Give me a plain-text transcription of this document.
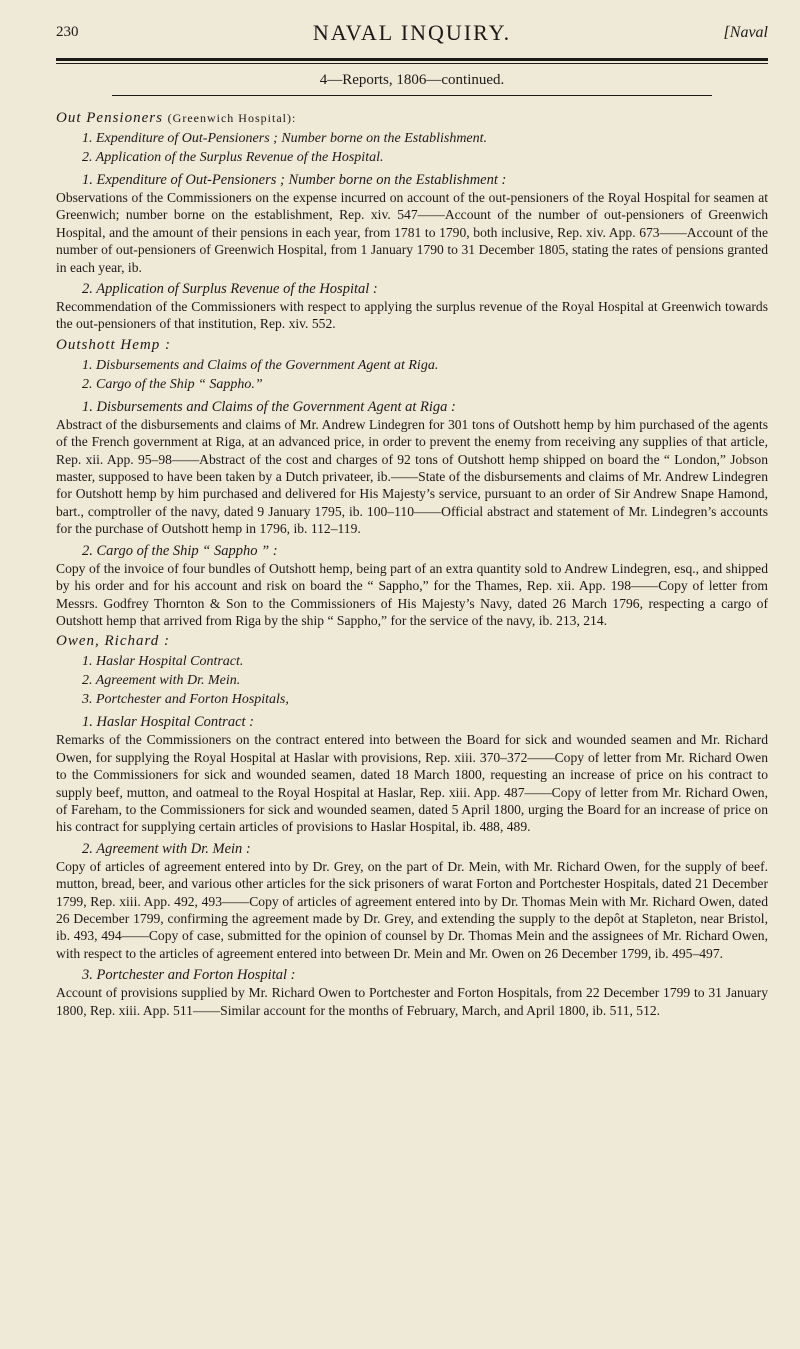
230	NAVAL INQUIRY.	[Naval
4—Reports, 1806—continued.
Out Pensioners (Greenwich Hospital):
1. Expenditure of Out-Pensioners ; Number borne on the Establishment.
2. Application of the Surplus Revenue of the Hospital.
1. Expenditure of Out-Pensioners ; Number borne on the Establishment :

Observations of the Commissioners on the expense incurred on account of the out-pensioners of the Royal Hospital for seamen at Greenwich; number borne on the establishment, Rep. xiv. 547——Account of the number of out-pensioners of Greenwich Hospital, and the amount of their pensions in each year, from 1781 to 1790, both inclusive, Rep. xiv. App. 673——Account of the number of out-pensioners of Greenwich Hospital, from 1 January 1790 to 31 December 1805, stating the rates of pensions granted in each year, ib.

2. Application of Surplus Revenue of the Hospital :

Recommendation of the Commissioners with respect to applying the surplus revenue of the Royal Hospital at Greenwich towards the out-pensioners of that institution, Rep. xiv. 552.

Outshott Hemp :
1. Disbursements and Claims of the Government Agent at Riga.
2. Cargo of the Ship “ Sappho.”
1. Disbursements and Claims of the Government Agent at Riga :

Abstract of the disbursements and claims of Mr. Andrew Lindegren for 301 tons of Outshott hemp by him purchased of the agents of the French government at Riga, at an advanced price, in order to prevent the enemy from receiving any supplies of that article, Rep. xii. App. 95–98——Abstract of the cost and charges of 92 tons of Outshott hemp shipped on board the “ London,” Jobson master, supposed to have been taken by a Dutch privateer, ib.——State of the disbursements and claims of Mr. Andrew Lindegren for Outshott hemp by him purchased and delivered for His Majesty’s service, pursuant to an order of Sir Andrew Snape Hamond, bart., comptroller of the navy, dated 9 January 1795, ib. 100–110——Official abstract and statement of Mr. Lindegren’s accounts for the purchase of Outshott hemp in 1796, ib. 112–119.

2. Cargo of the Ship “ Sappho ” :

Copy of the invoice of four bundles of Outshott hemp, being part of an extra quantity sold to Andrew Lindegren, esq., and shipped by his order and for his account and risk on board the “ Sappho,” for the Thames, Rep. xii. App. 198——Copy of letter from Messrs. Godfrey Thornton & Son to the Commissioners of His Majesty’s Navy, dated 26 March 1796, respecting a cargo of Outshott hemp that arrived from Riga by the ship “ Sappho,” for the service of the navy, ib. 213, 214.

Owen, Richard :
1. Haslar Hospital Contract.
2. Agreement with Dr. Mein.
3. Portchester and Forton Hospitals,
1. Haslar Hospital Contract :

Remarks of the Commissioners on the contract entered into between the Board for sick and wounded seamen and Mr. Richard Owen, for supplying the Royal Hospital at Haslar with provisions, Rep. xiii. 370–372——Copy of letter from Mr. Richard Owen to the Commissioners for sick and wounded seamen, dated 18 March 1800, requesting an increase of price on his contract to supply beef, mutton, and oatmeal to the Royal Hospital at Haslar, Rep. xiii. App. 487——Copy of letter from Mr. Richard Owen, of Fareham, to the Commissioners for sick and wounded seamen, dated 5 April 1800, urging the Board for an increase of price on his contract for supplying certain articles of provisions to Haslar Hospital, ib. 488, 489.

2. Agreement with Dr. Mein :

Copy of articles of agreement entered into by Dr. Grey, on the part of Dr. Mein, with Mr. Richard Owen, for the supply of beef. mutton, bread, beer, and various other articles for the sick prisoners of warat Forton and Portchester Hospitals, dated 21 December 1799, Rep. xiii. App. 492, 493——Copy of articles of agreement entered into by Dr. Thomas Mein with Mr. Richard Owen, dated 26 December 1799, confirming the agreement made by Dr. Grey, and extending the supply to the depôt at Stapleton, near Bristol, ib. 493, 494——Copy of case, submitted for the opinion of counsel by Dr. Thomas Mein and the assignees of Mr. Richard Owen, with respect to the articles of agreement entered into between Dr. Mein and Mr. Owen on 26 December 1799, ib. 495–497.

3. Portchester and Forton Hospital :

Account of provisions supplied by Mr. Richard Owen to Portchester and Forton Hospitals, from 22 December 1799 to 31 January 1800, Rep. xiii. App. 511——Similar account for the months of February, March, and April 1800, ib. 511, 512.
